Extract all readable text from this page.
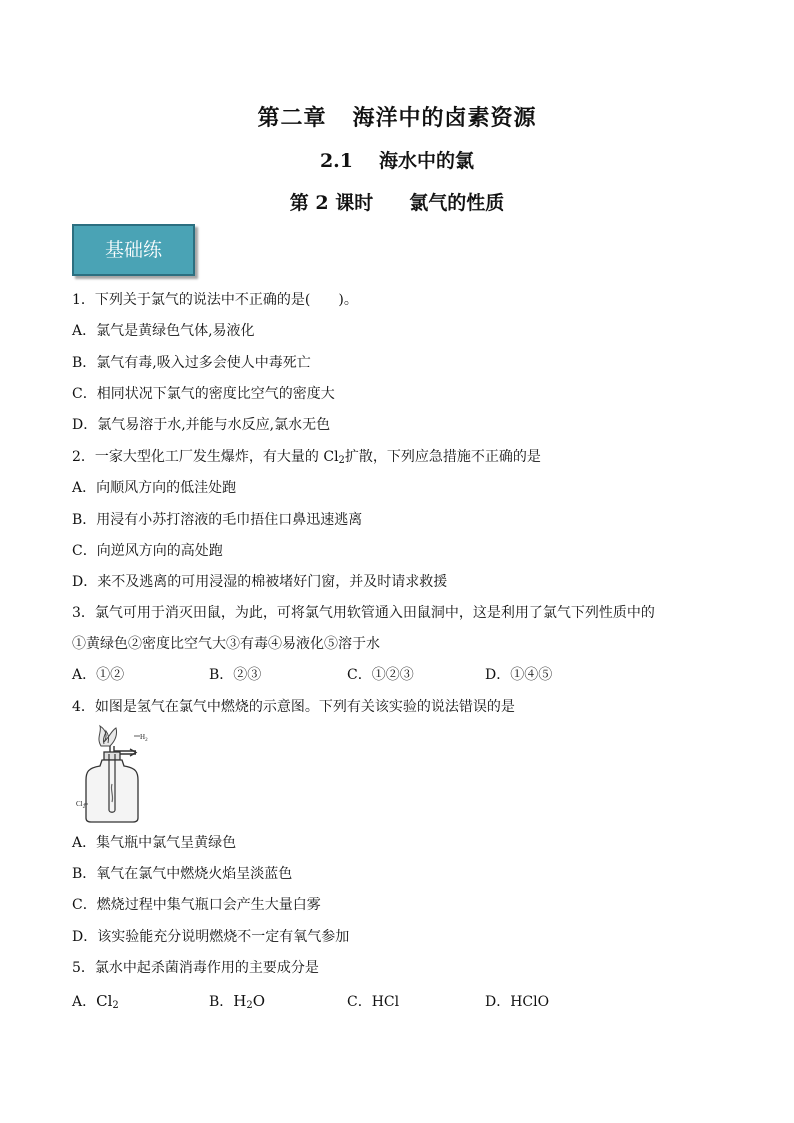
第二章 海洋中的卤素资源
2.1 海水中的氯
第 2 课时 氯气的性质
基础练
1．下列关于氯气的说法中不正确的是(　　)。
A．氯气是黄绿色气体,易液化
B．氯气有毒,吸入过多会使人中毒死亡
C．相同状况下氯气的密度比空气的密度大
D．氯气易溶于水,并能与水反应,氯水无色
2．一家大型化工厂发生爆炸，有大量的 $Cl_2$扩散，下列应急措施不正确的是
A．向顺风方向的低洼处跑
B．用浸有小苏打溶液的毛巾捂住口鼻迅速逃离
C．向逆风方向的高处跑
D．来不及逃离的可用浸湿的棉被堵好门窗，并及时请求救援
3．氯气可用于消灭田鼠，为此，可将氯气用软管通入田鼠洞中，这是利用了氯气下列性质中的
①黄绿色②密度比空气大③有毒④易液化⑤溶于水
A．①②	B．②③	C．①②③	D．①④⑤
4．如图是氢气在氯气中燃烧的示意图。下列有关该实验的说法错误的是
$H_2$
$Cl_2$
A．集气瓶中氯气呈黄绿色
B．氧气在氯气中燃烧火焰呈淡蓝色
C．燃烧过程中集气瓶口会产生大量白雾
D．该实验能充分说明燃烧不一定有氧气参加
5．氯水中起杀菌消毒作用的主要成分是
A．$Cl_2$	B．$H_2O$	C．HCl	D．HClO
